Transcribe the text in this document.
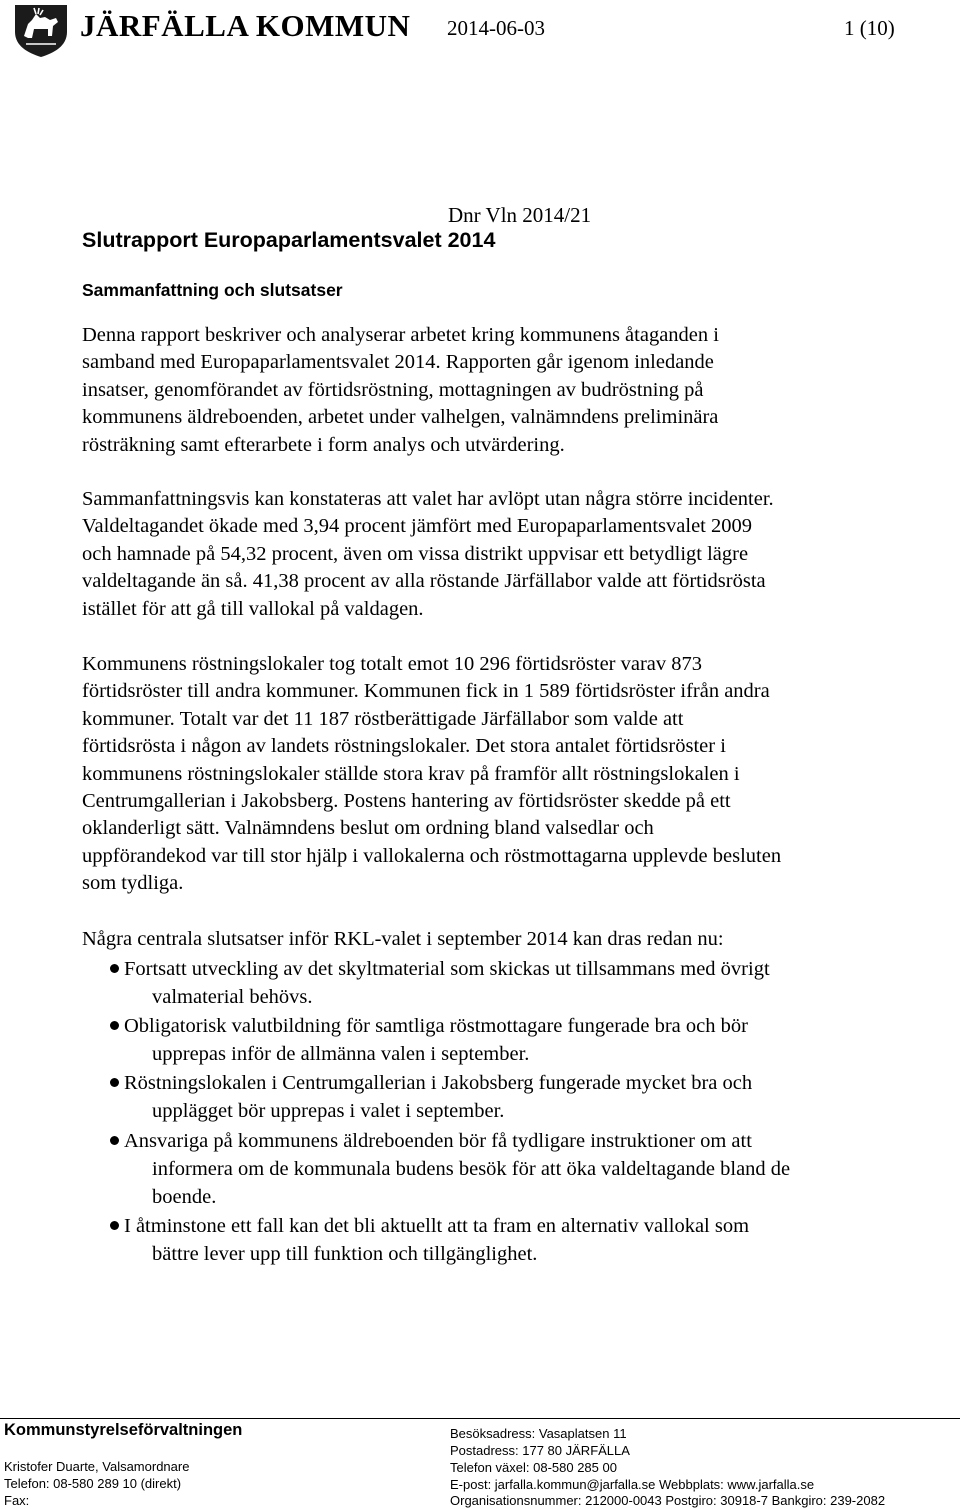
JÄRFÄLLA KOMMUN 2014-06-03	1 (10)
Dnr Vln 2014/21
Slutrapport Europaparlamentsvalet 2014
Sammanfattning och slutsatser
Denna rapport beskriver och analyserar arbetet kring kommunens åtaganden i
samband med Europaparlamentsvalet 2014. Rapporten går igenom inledande
insatser, genomförandet av förtidsröstning, mottagningen av budröstning på
kommunens äldreboenden, arbetet under valhelgen, valnämndens preliminära
rösträkning samt efterarbete i form analys och utvärdering.
Sammanfattningsvis kan konstateras att valet har avlöpt utan några större incidenter.
Valdeltagandet ökade med 3,94 procent jämfört med Europaparlamentsvalet 2009
och hamnade på 54,32 procent, även om vissa distrikt uppvisar ett betydligt lägre
valdeltagande än så. 41,38 procent av alla röstande Järfällabor valde att förtidsrösta
istället för att gå till vallokal på valdagen.
Kommunens röstningslokaler tog totalt emot 10 296 förtidsröster varav 873
förtidsröster till andra kommuner. Kommunen fick in 1 589 förtidsröster ifrån andra
kommuner. Totalt var det 11 187 röstberättigade Järfällabor som valde att
förtidsrösta i någon av landets röstningslokaler. Det stora antalet förtidsröster i
kommunens röstningslokaler ställde stora krav på framför allt röstningslokalen i
Centrumgallerian i Jakobsberg. Postens hantering av förtidsröster skedde på ett
oklanderligt sätt. Valnämndens beslut om ordning bland valsedlar och
uppförandekod var till stor hjälp i vallokalerna och röstmottagarna upplevde besluten
som tydliga.
Några centrala slutsatser inför RKL-valet i september 2014 kan dras redan nu:
Fortsatt utveckling av det skyltmaterial som skickas ut tillsammans med övrigt
valmaterial behövs.
Obligatorisk valutbildning för samtliga röstmottagare fungerade bra och bör
upprepas inför de allmänna valen i september.
Röstningslokalen i Centrumgallerian i Jakobsberg fungerade mycket bra och
upplägget bör upprepas i valet i september.
Ansvariga på kommunens äldreboenden bör få tydligare instruktioner om att
informera om de kommunala budens besök för att öka valdeltagande bland de
boende.
I åtminstone ett fall kan det bli aktuellt att ta fram en alternativ vallokal som
bättre lever upp till funktion och tillgänglighet.
Kommunstyrelseförvaltningen
Kristofer Duarte, Valsamordnare
Telefon: 08-580 289 10 (direkt)
Fax:
Besöksadress: Vasaplatsen 11
Postadress: 177 80 JÄRFÄLLA
Telefon växel: 08-580 285 00
E-post: jarfalla.kommun@jarfalla.se Webbplats: www.jarfalla.se
Organisationsnummer: 212000-0043 Postgiro: 30918-7 Bankgiro: 239-2082
